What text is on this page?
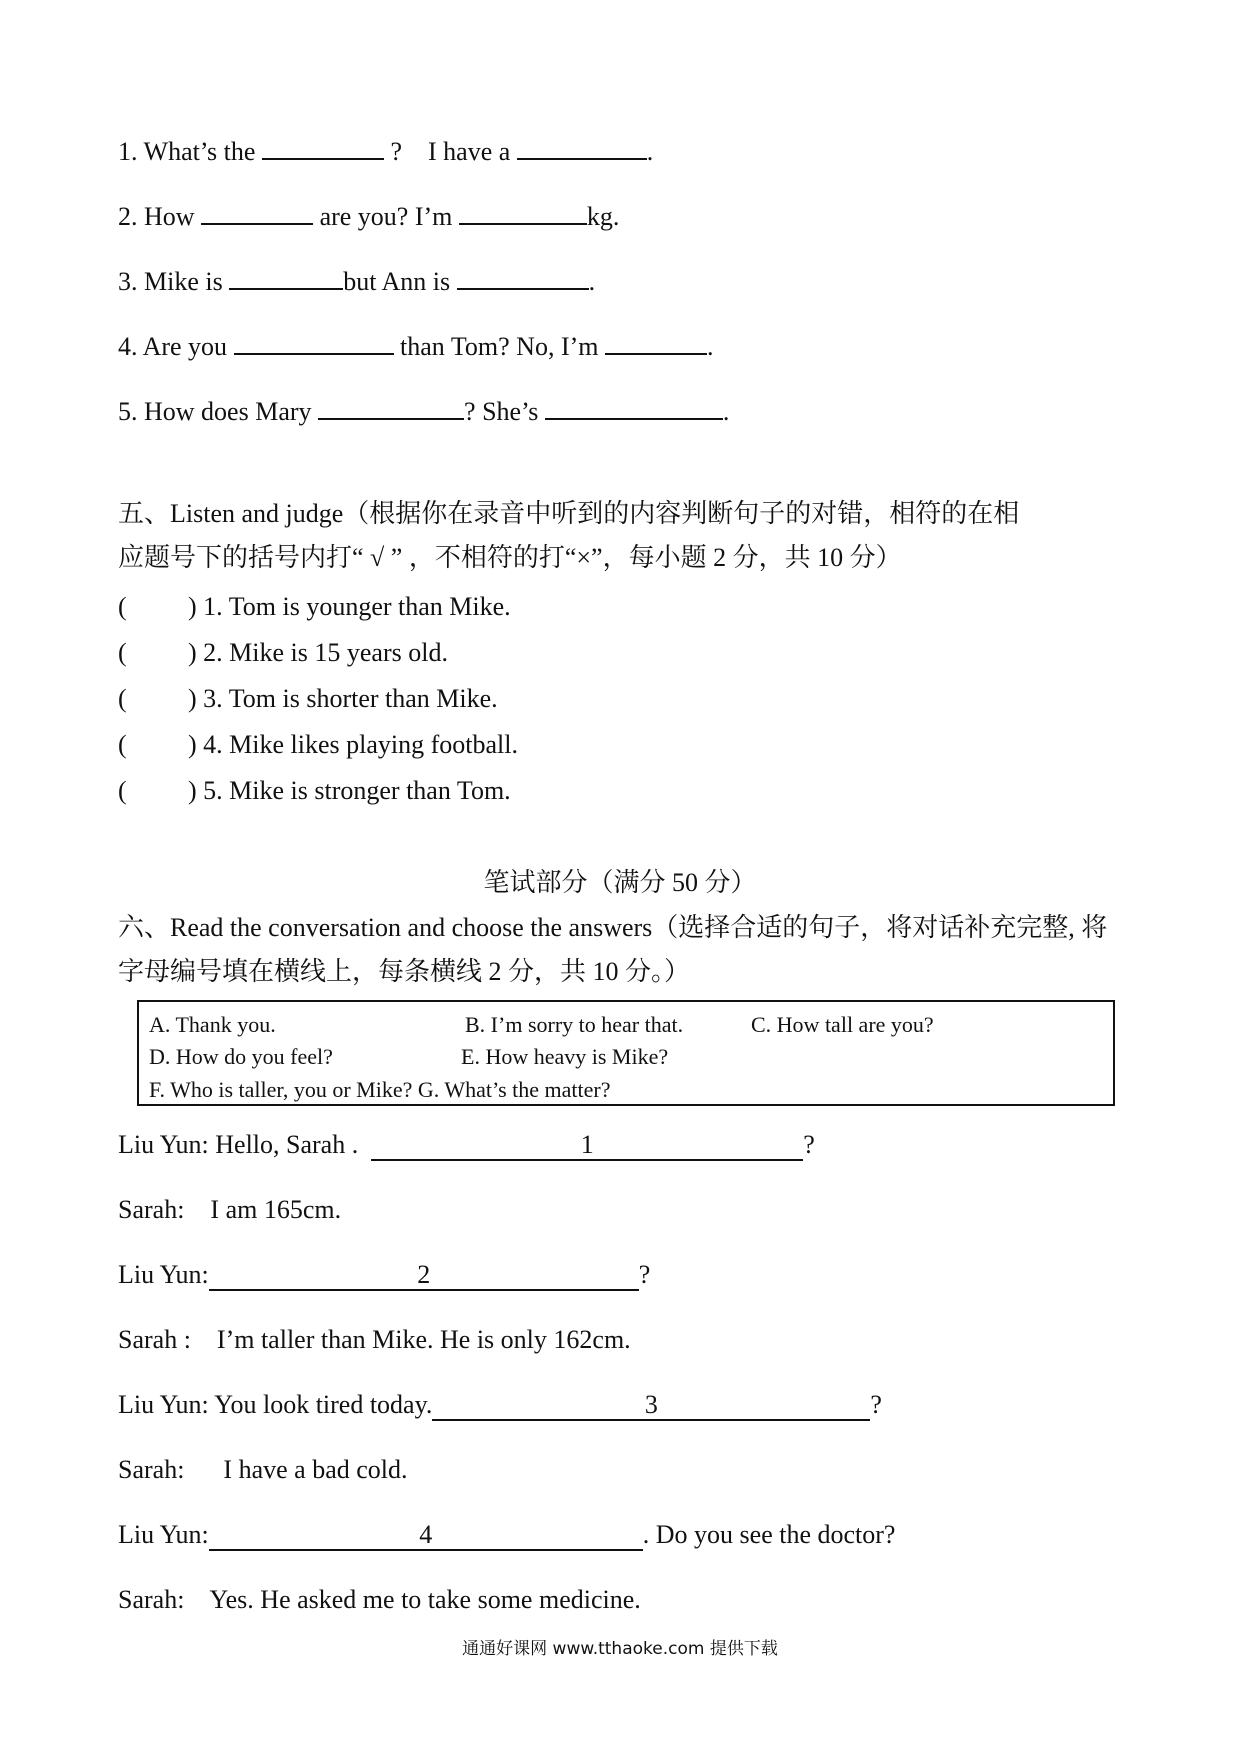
1. What’s the	? I have a	.
2. How	are you? I’m	kg.
3. Mike is	but Ann is	.
4. Are you	than Tom? No, I’m	.
5. How does Mary	? She’s	.
五、Listen and judge（根据你在录音中听到的内容判断句子的对错，相符的在相
应题号下的括号内打“ √ ” ，不相符的打“×”，每小题 2 分，共 10 分）
( ) 1. Tom is younger than Mike.
( ) 2. Mike is 15 years old.
( ) 3. Tom is shorter than Mike.
( ) 4. Mike likes playing football.
( ) 5. Mike is stronger than Tom.
笔试部分（满分 50 分）
六、Read the conversation and choose the answers（选择合适的句子，将对话补充完整, 将
字母编号填在横线上，每条横线 2 分，共 10 分。）
A. Thank you.	B. I’m sorry to hear that.	C. How tall are you?
D. How do you feel?	E. How heavy is Mike?
F. Who is taller, you or Mike? G. What’s the matter?
Liu Yun: Hello, Sarah .	1	?
Sarah:    I am 165cm.
Liu Yun:	2	?
Sarah :    I’m taller than Mike. He is only 162cm.
Liu Yun: You look tired today.	3	?
Sarah:      I have a bad cold.
Liu Yun:	4	. Do you see the doctor?
Sarah:    Yes. He asked me to take some medicine.
通通好课网 www.tthaoke.com 提供下载
